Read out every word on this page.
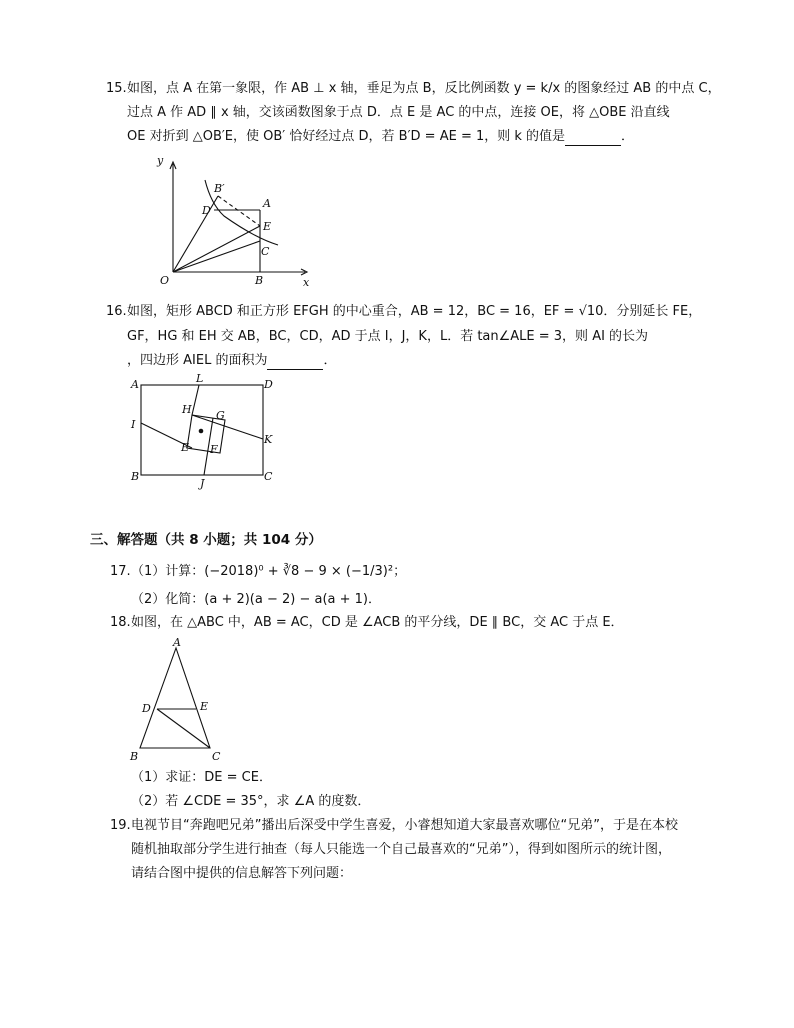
15. 如图，点 A 在第一象限，作 AB ⊥ x 轴，垂足为点 B，反比例函数 y = k/x 的图象经过 AB 的中点 C，
过点 A 作 AD ∥ x 轴，交该函数图象于点 D．点 E 是 AC 的中点，连接 OE，将 △OBE 沿直线
OE 对折到 △OB′E，使 OB′ 恰好经过点 D，若 B′D = AE = 1，则 k 的值是	．
y
x
O	B
A
B′
D
E
C
16. 如图，矩形 ABCD 和正方形 EFGH 的中心重合，AB = 12，BC = 16，EF = √10．分别延长 FE，
GF，HG 和 EH 交 AB，BC，CD，AD 于点 I，J，K，L．若 tan∠ALE = 3，则 AI 的长为
，四边形 AIEL 的面积为	．
A	L	D
H G
I
K
E F
B
J
C
三、解答题（共 8 小题；共 104 分）
17. （1）计算：(−2018)⁰ + ∛8 − 9 × (−1/3)²；
（2）化简：(a + 2)(a − 2) − a(a + 1)．
18. 如图，在 △ABC 中，AB = AC，CD 是 ∠ACB 的平分线，DE ∥ BC，交 AC 于点 E．
A
D	E
B	C
（1）求证：DE = CE．
（2）若 ∠CDE = 35°，求 ∠A 的度数．
19. 电视节目“奔跑吧兄弟”播出后深受中学生喜爱，小睿想知道大家最喜欢哪位“兄弟”，于是在本校
随机抽取部分学生进行抽查（每人只能选一个自己最喜欢的“兄弟”），得到如图所示的统计图，
请结合图中提供的信息解答下列问题：
